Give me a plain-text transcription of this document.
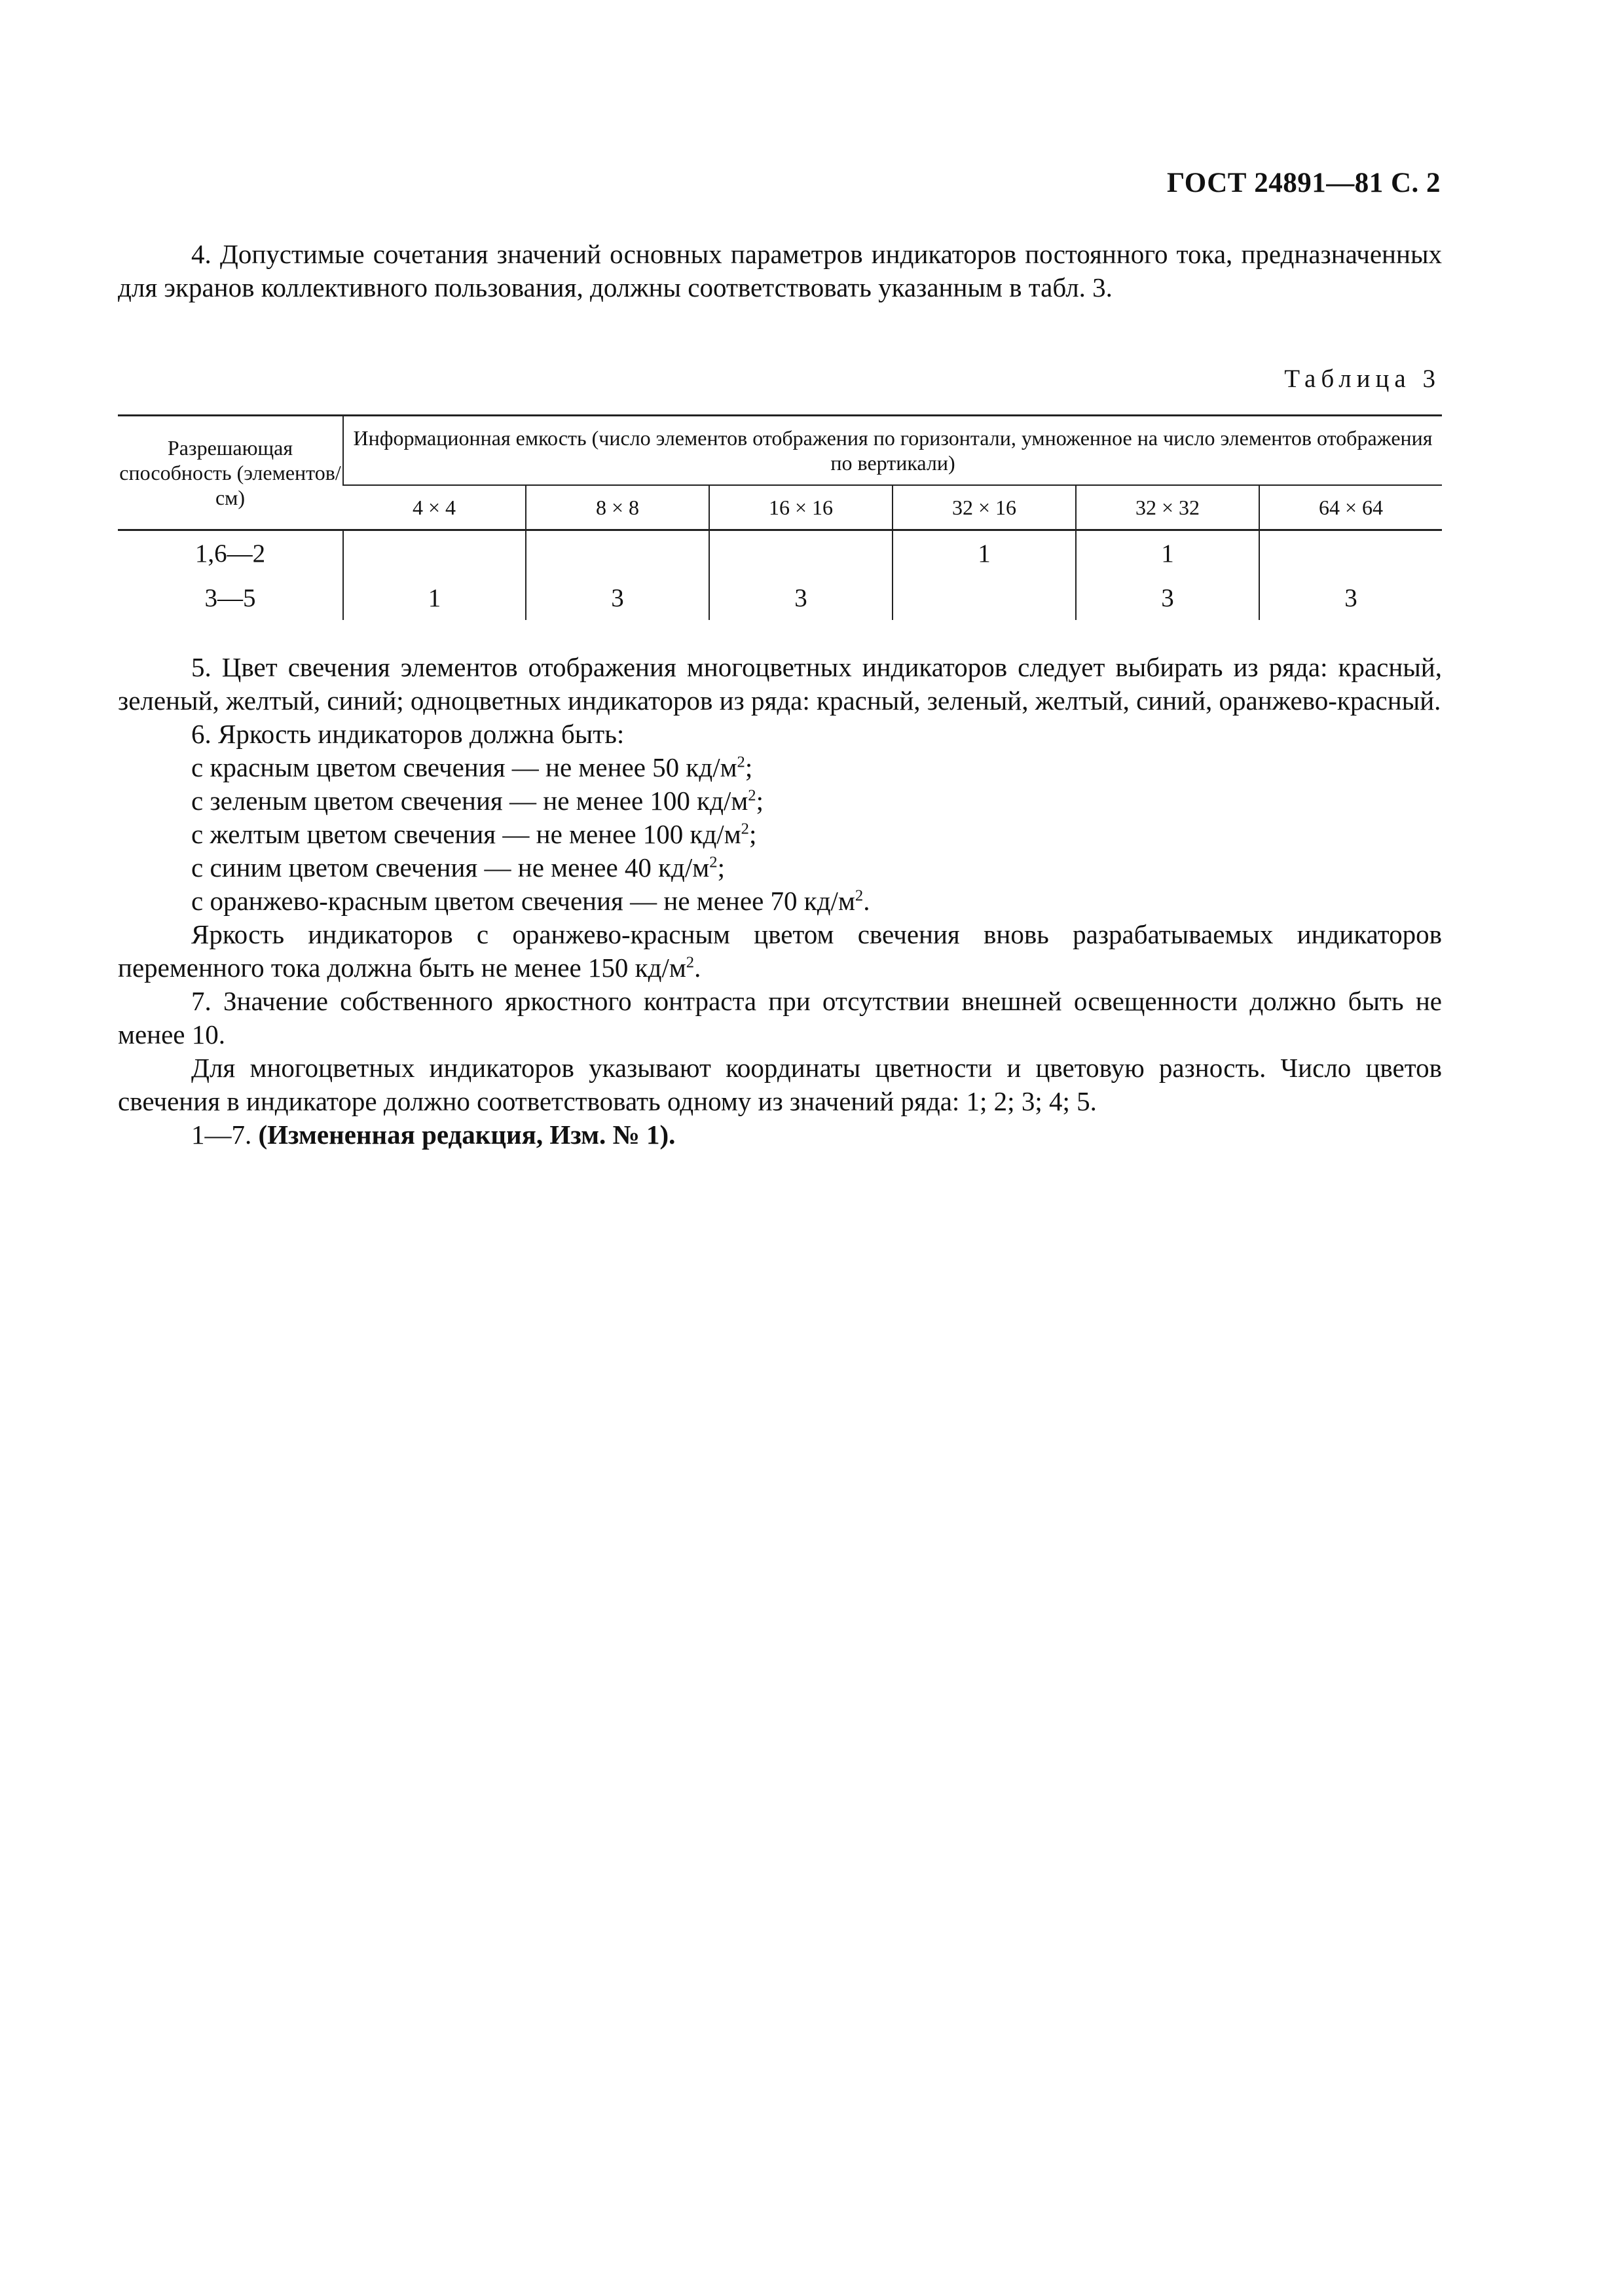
ГОСТ 24891—81 С. 2
4. Допустимые сочетания значений основных параметров индикаторов постоянного тока, предназначенных для экранов коллективного пользования, должны соответствовать указанным в табл. 3.
Таблица 3
Разрешающая способность (элементов/см)	Информационная емкость (число элементов отображения по горизонтали, умноженное на число элементов отображения по вертикали)					
	4 × 4	8 × 8	16 × 16	32 × 16	32 × 32	64 × 64
1,6—2				1	1	
3—5	1	3	3		3	3
5. Цвет свечения элементов отображения многоцветных индикаторов следует выбирать из ряда: красный, зеленый, желтый, синий; одноцветных индикаторов из ряда: красный, зеленый, желтый, синий, оранжево-красный.
6. Яркость индикаторов должна быть:
с красным цветом свечения — не менее 50 $кд/м^2$;
с зеленым цветом свечения — не менее 100 $кд/м^2$;
с желтым цветом свечения — не менее 100 $кд/м^2$;
с синим цветом свечения — не менее 40 $кд/м^2$;
с оранжево-красным цветом свечения — не менее 70 $кд/м^2$.
Яркость индикаторов с оранжево-красным цветом свечения вновь разрабатываемых индикаторов переменного тока должна быть не менее 150 $кд/м^2$.
7. Значение собственного яркостного контраста при отсутствии внешней освещенности должно быть не менее 10.
Для многоцветных индикаторов указывают координаты цветности и цветовую разность. Число цветов свечения в индикаторе должно соответствовать одному из значений ряда: 1; 2; 3; 4; 5.
1—7. (Измененная редакция, Изм. № 1).
